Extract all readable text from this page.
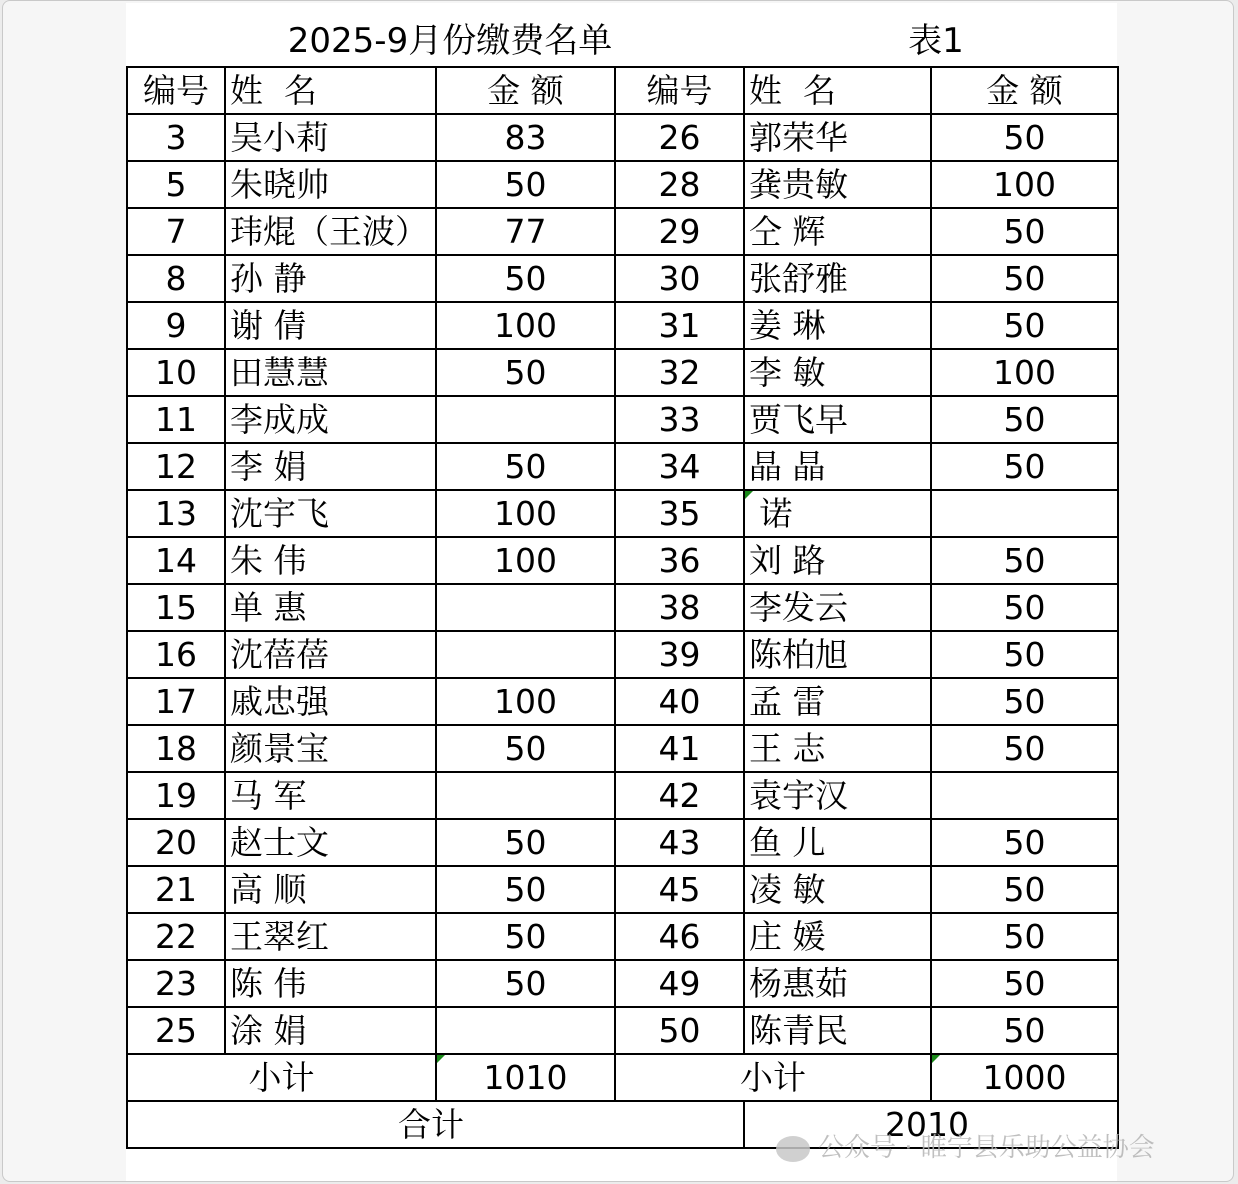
2025-9月份缴费名单	表1
编号	姓  名	金 额	编号	姓  名	金 额
3	吴小莉	83	26	郭荣华	50
5	朱晓帅	50	28	龚贵敏	100
7	玮焜（王波）	77	29	仝 辉	50
8	孙 静	50	30	张舒雅	50
9	谢 倩	100	31	姜 琳	50
10	田慧慧	50	32	李 敏	100
11	李成成		33	贾飞早	50
12	李 娟	50	34	晶 晶	50
13	沈宇飞	100	35	诺	
14	朱 伟	100	36	刘 路	50
15	单 惠		38	李发云	50
16	沈蓓蓓		39	陈柏旭	50
17	戚忠强	100	40	孟 雷	50
18	颜景宝	50	41	王 志	50
19	马 军		42	袁宇汉	
20	赵士文	50	43	鱼 儿	50
21	高 顺	50	45	凌 敏	50
22	王翠红	50	46	庄 媛	50
23	陈 伟	50	49	杨惠茹	50
25	涂 娟		50	陈青民	50
小计		1010	小计		1000
合计				2010	
公众号 · 睢宁县乐助公益协会
